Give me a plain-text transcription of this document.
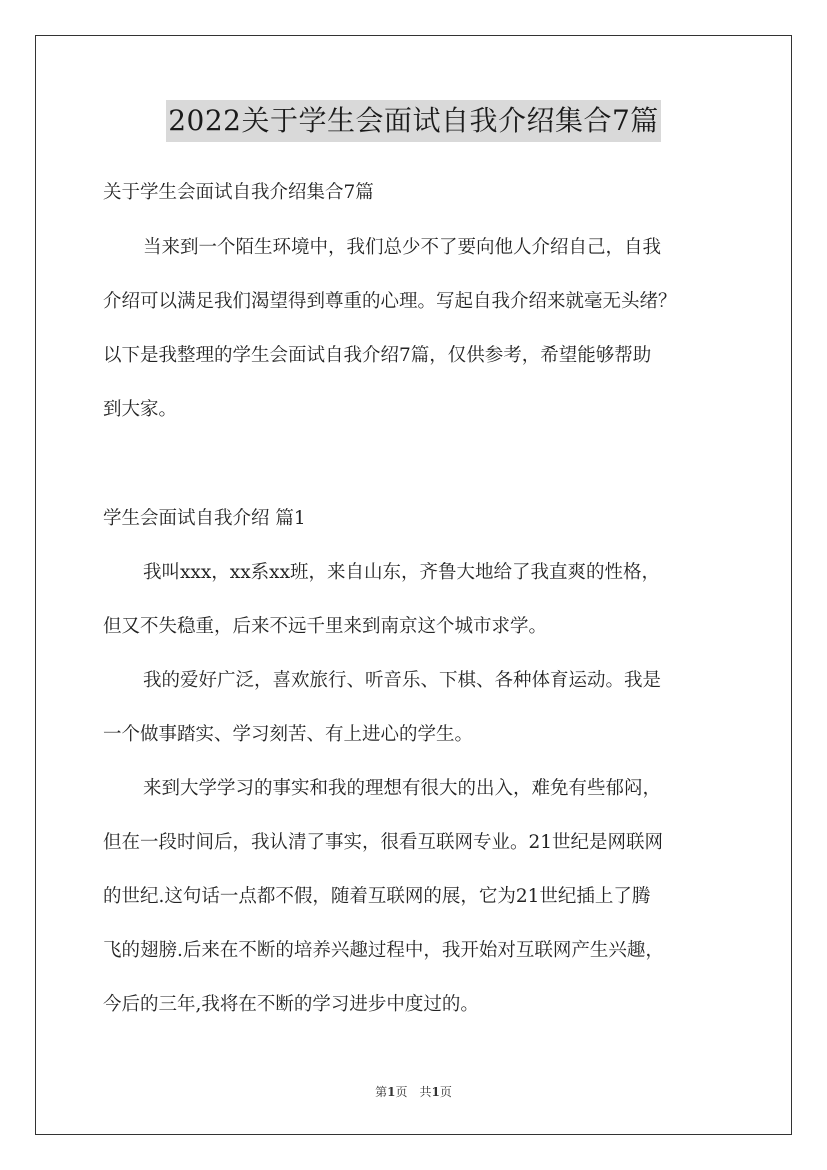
2022关于学生会面试自我介绍集合7篇
关于学生会面试自我介绍集合7篇
当来到一个陌生环境中，我们总少不了要向他人介绍自己，自我
介绍可以满足我们渴望得到尊重的心理。写起自我介绍来就毫无头绪？
以下是我整理的学生会面试自我介绍7篇，仅供参考，希望能够帮助
到大家。
学生会面试自我介绍 篇1
我叫xxx，xx系xx班，来自山东，齐鲁大地给了我直爽的性格，
但又不失稳重，后来不远千里来到南京这个城市求学。
我的爱好广泛，喜欢旅行、听音乐、下棋、各种体育运动。我是
一个做事踏实、学习刻苦、有上进心的学生。
来到大学学习的事实和我的理想有很大的出入，难免有些郁闷，
但在一段时间后，我认清了事实，很看互联网专业。21世纪是网联网
的世纪.这句话一点都不假，随着互联网的展，它为21世纪插上了腾
飞的翅膀.后来在不断的培养兴趣过程中，我开始对互联网产生兴趣，
今后的三年,我将在不断的学习进步中度过的。
第1页　共1页
